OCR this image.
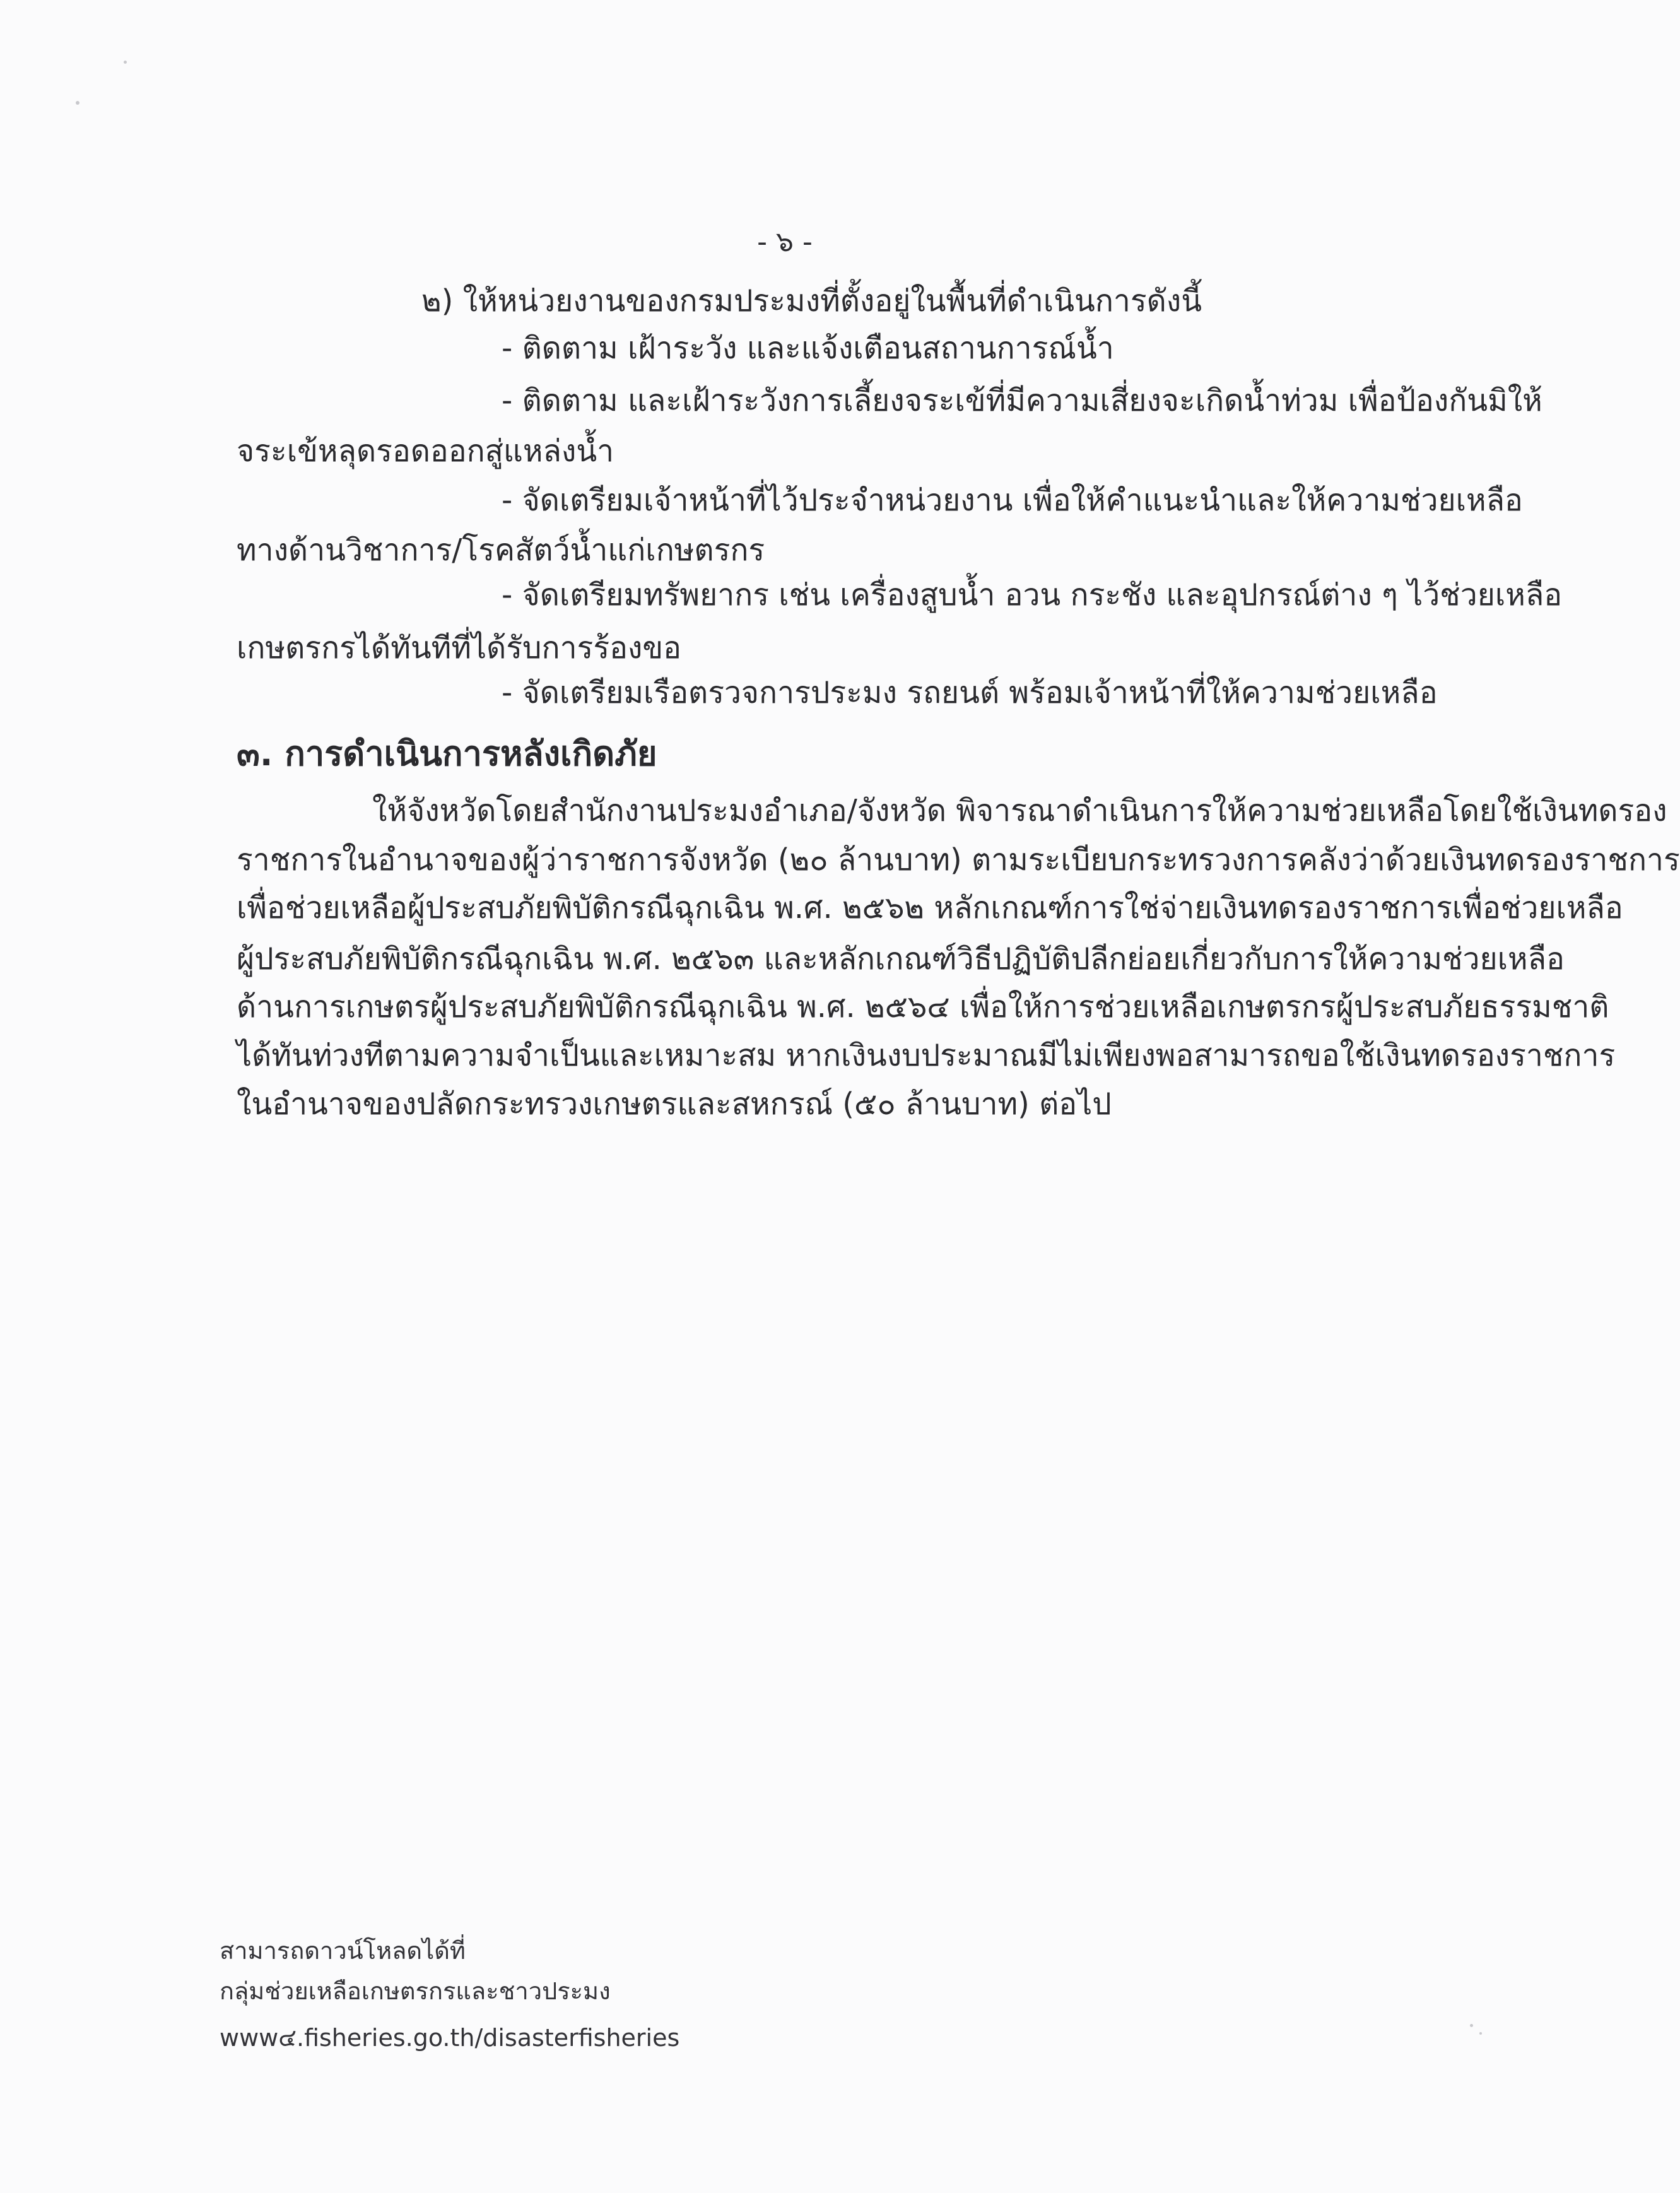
- ๖ -
๒) ให้หน่วยงานของกรมประมงที่ตั้งอยู่ในพื้นที่ดำเนินการดังนี้
- ติดตาม เฝ้าระวัง และแจ้งเตือนสถานการณ์น้ำ
- ติดตาม และเฝ้าระวังการเลี้ยงจระเข้ที่มีความเสี่ยงจะเกิดน้ำท่วม เพื่อป้องกันมิให้
จระเข้หลุดรอดออกสู่แหล่งน้ำ
- จัดเตรียมเจ้าหน้าที่ไว้ประจำหน่วยงาน เพื่อให้คำแนะนำและให้ความช่วยเหลือ
ทางด้านวิชาการ/โรคสัตว์น้ำแก่เกษตรกร
- จัดเตรียมทรัพยากร เช่น เครื่องสูบน้ำ อวน กระชัง และอุปกรณ์ต่าง ๆ ไว้ช่วยเหลือ
เกษตรกรได้ทันทีที่ได้รับการร้องขอ
- จัดเตรียมเรือตรวจการประมง รถยนต์ พร้อมเจ้าหน้าที่ให้ความช่วยเหลือ
๓. การดำเนินการหลังเกิดภัย
ให้จังหวัดโดยสำนักงานประมงอำเภอ/จังหวัด พิจารณาดำเนินการให้ความช่วยเหลือโดยใช้เงินทดรอง
ราชการในอำนาจของผู้ว่าราชการจังหวัด (๒๐ ล้านบาท) ตามระเบียบกระทรวงการคลังว่าด้วยเงินทดรองราชการ
เพื่อช่วยเหลือผู้ประสบภัยพิบัติกรณีฉุกเฉิน พ.ศ. ๒๕๖๒ หลักเกณฑ์การใช่จ่ายเงินทดรองราชการเพื่อช่วยเหลือ
ผู้ประสบภัยพิบัติกรณีฉุกเฉิน พ.ศ. ๒๕๖๓ และหลักเกณฑ์วิธีปฏิบัติปลีกย่อยเกี่ยวกับการให้ความช่วยเหลือ
ด้านการเกษตรผู้ประสบภัยพิบัติกรณีฉุกเฉิน พ.ศ. ๒๕๖๔ เพื่อให้การช่วยเหลือเกษตรกรผู้ประสบภัยธรรมชาติ
ได้ทันท่วงทีตามความจำเป็นและเหมาะสม หากเงินงบประมาณมีไม่เพียงพอสามารถขอใช้เงินทดรองราชการ
ในอำนาจของปลัดกระทรวงเกษตรและสหกรณ์ (๕๐ ล้านบาท) ต่อไป
สามารถดาวน์โหลดได้ที่
กลุ่มช่วยเหลือเกษตรกรและชาวประมง
www๔.fisheries.go.th/disasterfisheries
